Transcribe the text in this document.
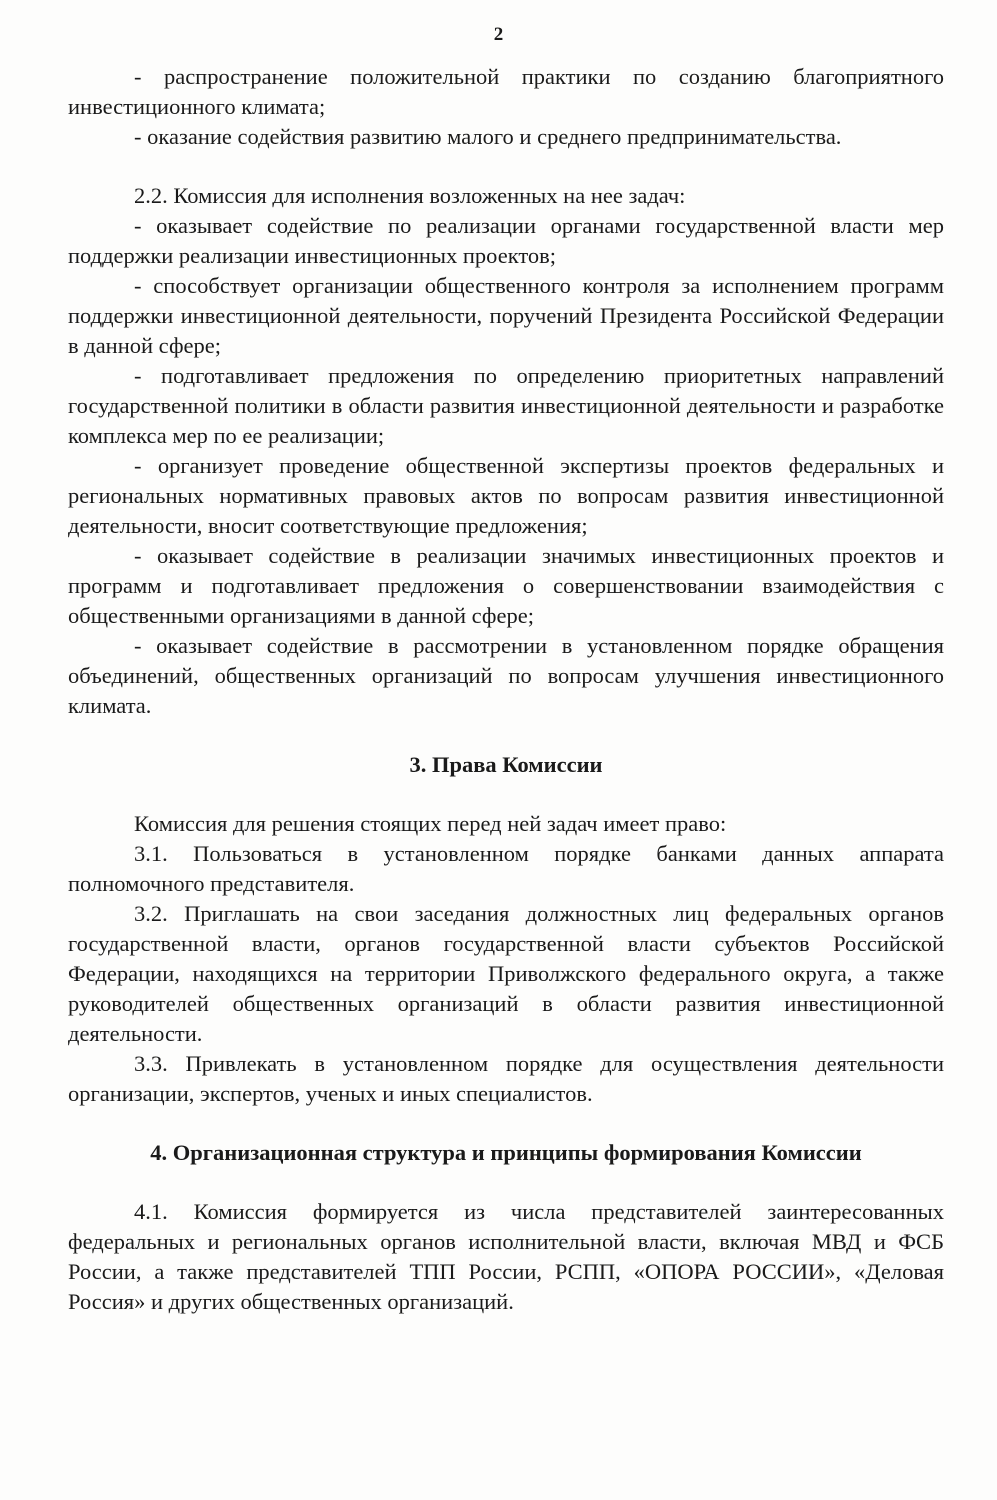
2

- распространение положительной практики по созданию благоприятного инвестиционного климата;

- оказание содействия развитию малого и среднего предпринимательства.

2.2. Комиссия для исполнения возложенных на нее задач:

- оказывает содействие по реализации органами государственной власти мер поддержки реализации инвестиционных проектов;

- способствует организации общественного контроля за исполнением программ поддержки инвестиционной деятельности, поручений Президента Российской Федерации в данной сфере;

- подготавливает предложения по определению приоритетных направлений государственной политики в области развития инвестиционной деятельности и разработке комплекса мер по ее реализации;

- организует проведение общественной экспертизы проектов федеральных и региональных нормативных правовых актов по вопросам развития инвестиционной деятельности, вносит соответствующие предложения;

- оказывает содействие в реализации значимых инвестиционных проектов и программ и подготавливает предложения о совершенствовании взаимодействия с общественными организациями в данной сфере;

- оказывает содействие в рассмотрении в установленном порядке обращения объединений, общественных организаций по вопросам улучшения инвестиционного климата.

3. Права Комиссии

Комиссия для решения стоящих перед ней задач имеет право:

3.1. Пользоваться в установленном порядке банками данных аппарата полномочного представителя.

3.2. Приглашать на свои заседания должностных лиц федеральных органов государственной власти, органов государственной власти субъектов Российской Федерации, находящихся на территории Приволжского федерального округа, а также руководителей общественных организаций в области развития инвестиционной деятельности.

3.3. Привлекать в установленном порядке для осуществления деятельности организации, экспертов, ученых и иных специалистов.

4. Организационная структура и принципы формирования Комиссии

4.1. Комиссия формируется из числа представителей заинтересованных федеральных и региональных органов исполнительной власти, включая МВД и ФСБ России, а также представителей ТПП России, РСПП, «ОПОРА РОССИИ», «Деловая Россия» и других общественных организаций.
